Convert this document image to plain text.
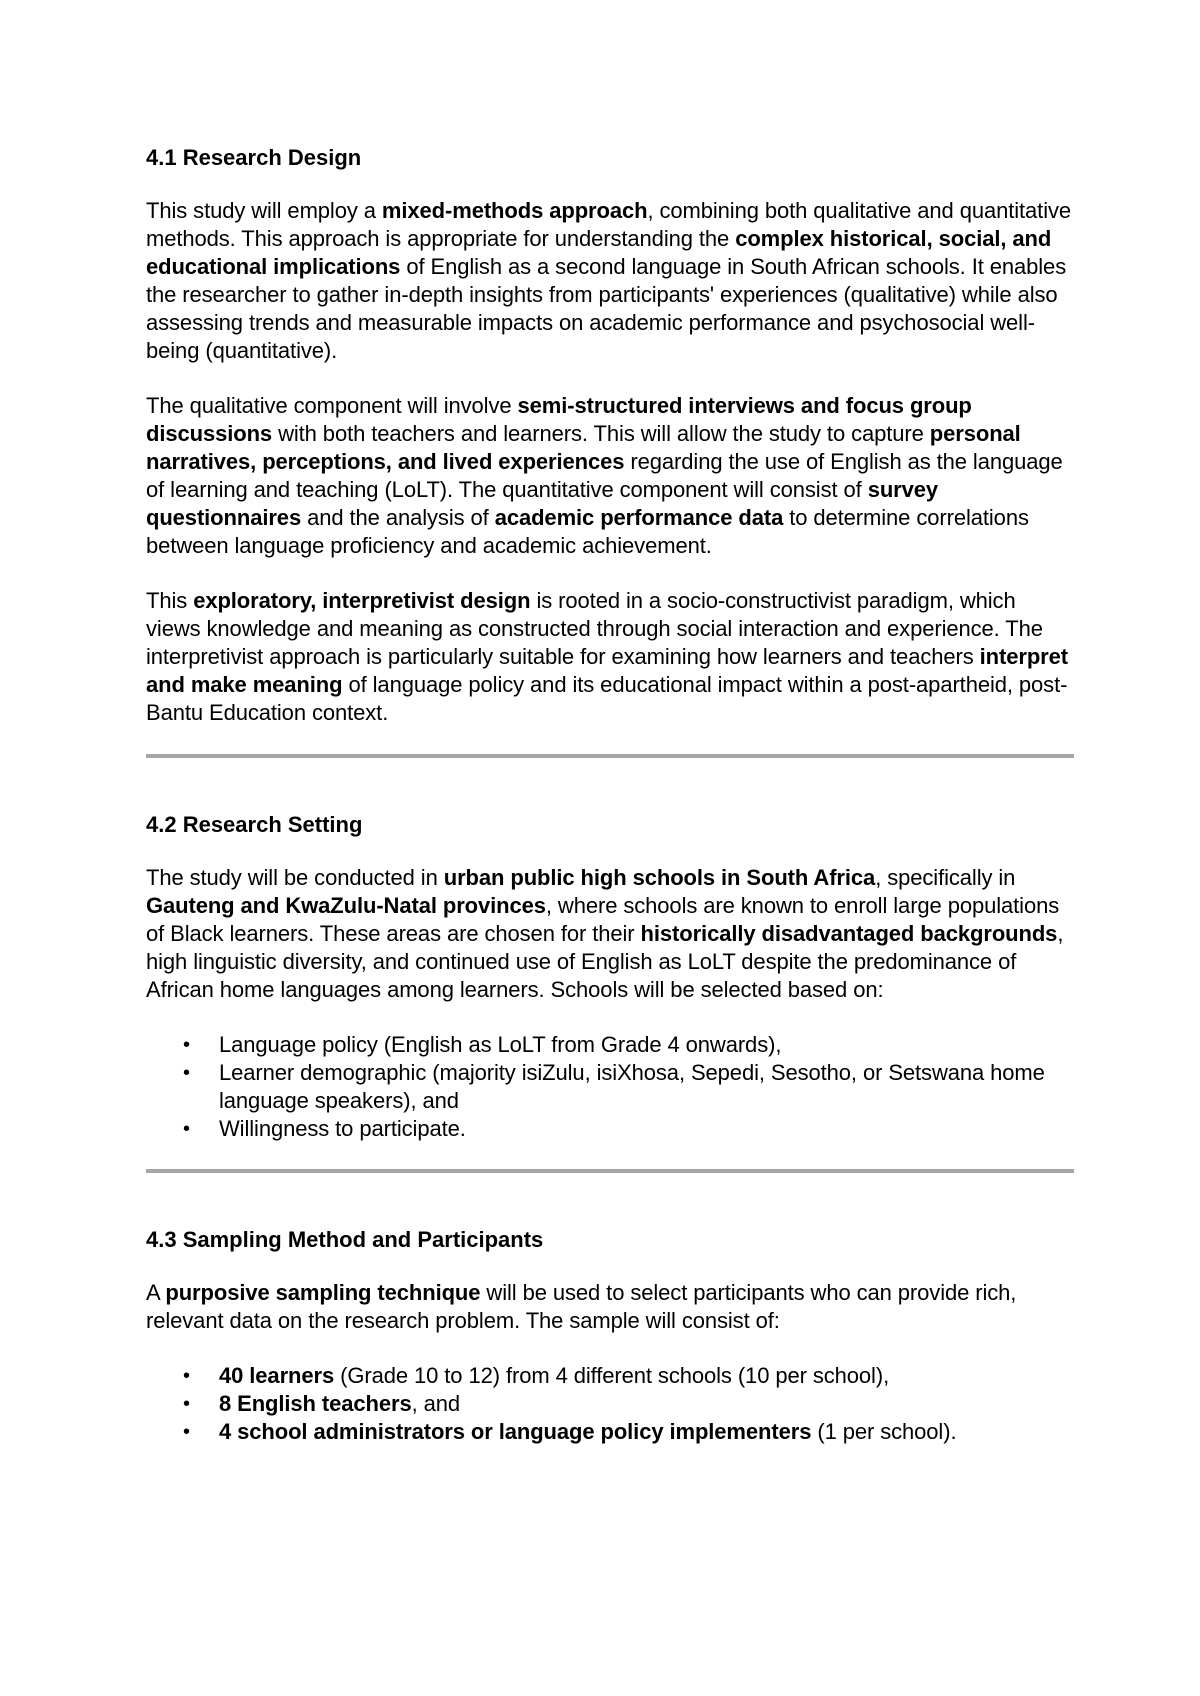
4.1 Research Design

This study will employ a mixed-methods approach, combining both qualitative and quantitative methods. This approach is appropriate for understanding the complex historical, social, and educational implications of English as a second language in South African schools. It enables the researcher to gather in-depth insights from participants' experiences (qualitative) while also assessing trends and measurable impacts on academic performance and psychosocial well-being (quantitative).

The qualitative component will involve semi-structured interviews and focus group discussions with both teachers and learners. This will allow the study to capture personal narratives, perceptions, and lived experiences regarding the use of English as the language of learning and teaching (LoLT). The quantitative component will consist of survey questionnaires and the analysis of academic performance data to determine correlations between language proficiency and academic achievement.

This exploratory, interpretivist design is rooted in a socio-constructivist paradigm, which views knowledge and meaning as constructed through social interaction and experience. The interpretivist approach is particularly suitable for examining how learners and teachers interpret and make meaning of language policy and its educational impact within a post-apartheid, post-Bantu Education context.

4.2 Research Setting

The study will be conducted in urban public high schools in South Africa, specifically in Gauteng and KwaZulu-Natal provinces, where schools are known to enroll large populations of Black learners. These areas are chosen for their historically disadvantaged backgrounds, high linguistic diversity, and continued use of English as LoLT despite the predominance of African home languages among learners. Schools will be selected based on:

• Language policy (English as LoLT from Grade 4 onwards),
• Learner demographic (majority isiZulu, isiXhosa, Sepedi, Sesotho, or Setswana home language speakers), and
• Willingness to participate.
4.3 Sampling Method and Participants

A purposive sampling technique will be used to select participants who can provide rich, relevant data on the research problem. The sample will consist of:

• 40 learners (Grade 10 to 12) from 4 different schools (10 per school),
• 8 English teachers, and
• 4 school administrators or language policy implementers (1 per school).
